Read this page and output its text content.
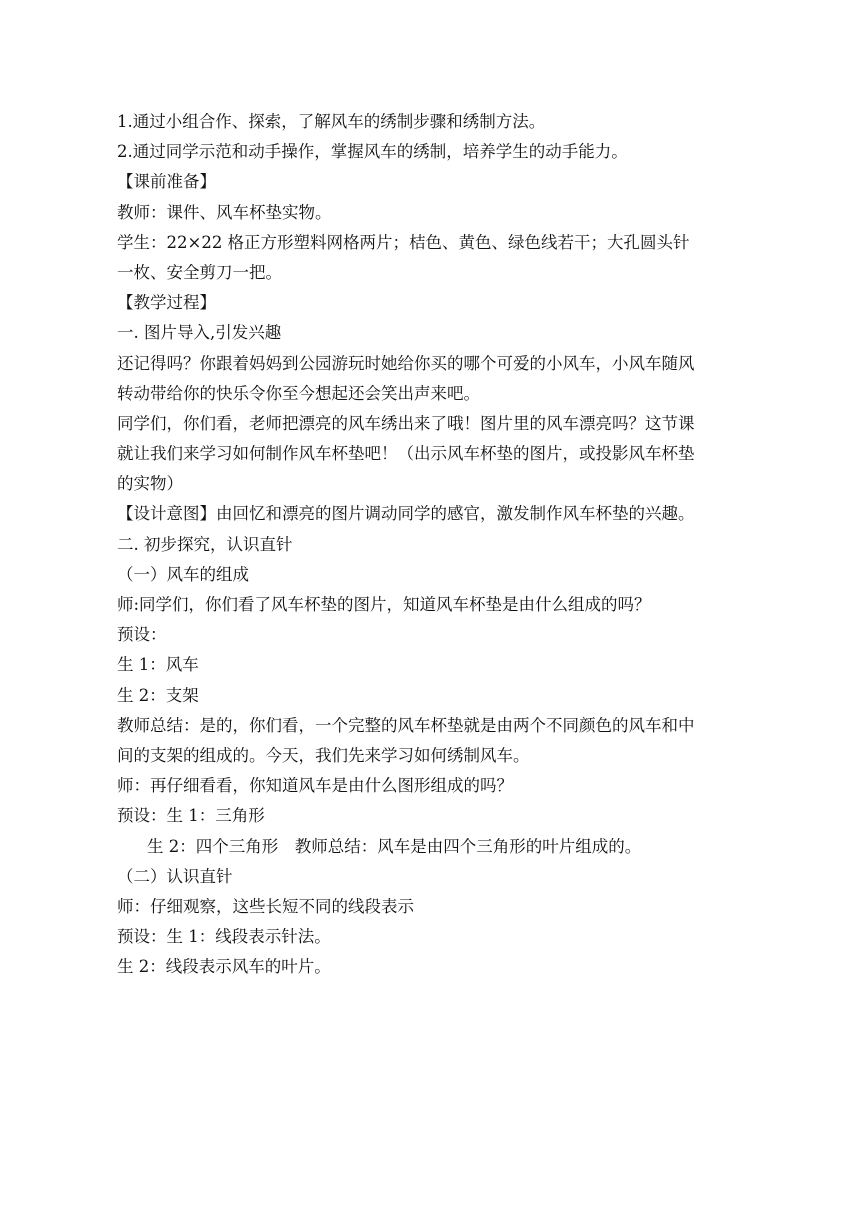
1.通过小组合作、探索，了解风车的绣制步骤和绣制方法。

2.通过同学示范和动手操作，掌握风车的绣制，培养学生的动手能力。

【课前准备】

教师：课件、风车杯垫实物。

学生：22×22 格正方形塑料网格两片；桔色、黄色、绿色线若干；大孔圆头针

一枚、安全剪刀一把。

【教学过程】

一. 图片导入,引发兴趣

还记得吗？你跟着妈妈到公园游玩时她给你买的哪个可爱的小风车，小风车随风

转动带给你的快乐令你至今想起还会笑出声来吧。

同学们，你们看，老师把漂亮的风车绣出来了哦！图片里的风车漂亮吗？这节课

就让我们来学习如何制作风车杯垫吧！（出示风车杯垫的图片，或投影风车杯垫

的实物）

【设计意图】由回忆和漂亮的图片调动同学的感官，激发制作风车杯垫的兴趣。

二. 初步探究，认识直针

（一）风车的组成

师:同学们，你们看了风车杯垫的图片，知道风车杯垫是由什么组成的吗？

预设：

生 1：风车

生 2：支架

教师总结：是的，你们看，一个完整的风车杯垫就是由两个不同颜色的风车和中

间的支架的组成的。今天，我们先来学习如何绣制风车。

师：再仔细看看，你知道风车是由什么图形组成的吗？

预设：生 1：三角形

生 2：四个三角形　教师总结：风车是由四个三角形的叶片组成的。

（二）认识直针

师：仔细观察，这些长短不同的线段表示

预设：生 1：线段表示针法。

生 2：线段表示风车的叶片。
